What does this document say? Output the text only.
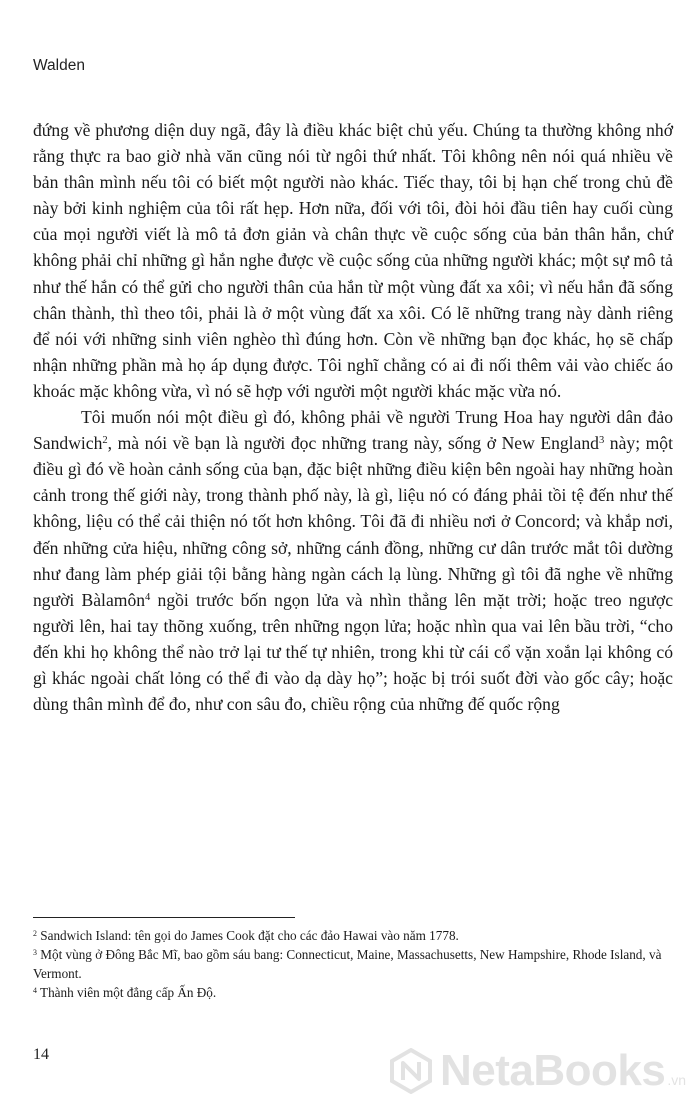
Walden

đứng về phương diện duy ngã, đây là điều khác biệt chủ yếu. Chúng ta thường không nhớ rằng thực ra bao giờ nhà văn cũng nói từ ngôi thứ nhất. Tôi không nên nói quá nhiều về bản thân mình nếu tôi có biết một người nào khác. Tiếc thay, tôi bị hạn chế trong chủ đề này bởi kinh nghiệm của tôi rất hẹp. Hơn nữa, đối với tôi, đòi hỏi đầu tiên hay cuối cùng của mọi người viết là mô tả đơn giản và chân thực về cuộc sống của bản thân hắn, chứ không phải chỉ những gì hắn nghe được về cuộc sống của những người khác; một sự mô tả như thế hắn có thể gửi cho người thân của hắn từ một vùng đất xa xôi; vì nếu hắn đã sống chân thành, thì theo tôi, phải là ở một vùng đất xa xôi. Có lẽ những trang này dành riêng để nói với những sinh viên nghèo thì đúng hơn. Còn về những bạn đọc khác, họ sẽ chấp nhận những phần mà họ áp dụng được. Tôi nghĩ chẳng có ai đi nối thêm vải vào chiếc áo khoác mặc không vừa, vì nó sẽ hợp với người một người khác mặc vừa nó.

Tôi muốn nói một điều gì đó, không phải về người Trung Hoa hay người dân đảo Sandwich$^2$, mà nói về bạn là người đọc những trang này, sống ở New England$^3$ này; một điều gì đó về hoàn cảnh sống của bạn, đặc biệt những điều kiện bên ngoài hay những hoàn cảnh trong thế giới này, trong thành phố này, là gì, liệu nó có đáng phải tồi tệ đến như thế không, liệu có thể cải thiện nó tốt hơn không. Tôi đã đi nhiều nơi ở Concord; và khắp nơi, đến những cửa hiệu, những công sở, những cánh đồng, những cư dân trước mắt tôi dường như đang làm phép giải tội bằng hàng ngàn cách lạ lùng. Những gì tôi đã nghe về những người Bàlamôn$^4$ ngồi trước bốn ngọn lửa và nhìn thẳng lên mặt trời; hoặc treo ngược người lên, hai tay thõng xuống, trên những ngọn lửa; hoặc nhìn qua vai lên bầu trời, “cho đến khi họ không thể nào trở lại tư thế tự nhiên, trong khi từ cái cổ vặn xoắn lại không có gì khác ngoài chất lỏng có thể đi vào dạ dày họ”; hoặc bị trói suốt đời vào gốc cây; hoặc dùng thân mình để đo, như con sâu đo, chiều rộng của những đế quốc rộng

$^2$ Sandwich Island: tên gọi do James Cook đặt cho các đảo Hawai vào năm 1778.

$^3$ Một vùng ở Đông Bắc Mĩ, bao gồm sáu bang: Connecticut, Maine, Massachusetts, New Hampshire, Rhode Island, và Vermont.

$^4$ Thành viên một đẳng cấp Ấn Độ.

14	NetaBooks .vn
